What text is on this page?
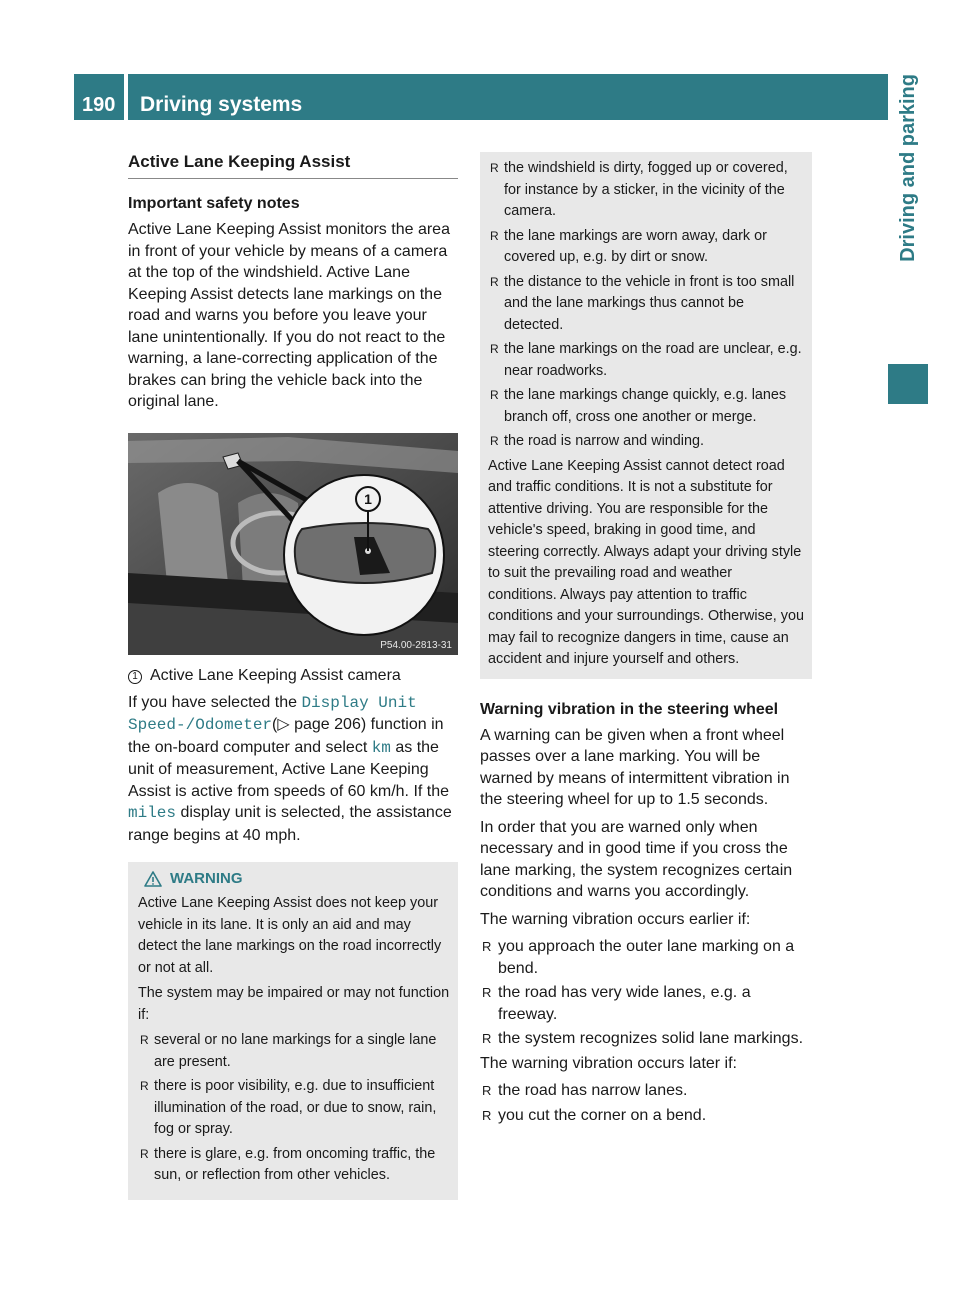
190	Driving systems	Driving and parking
Active Lane Keeping Assist
Important safety notes

Active Lane Keeping Assist monitors the area in front of your vehicle by means of a camera at the top of the windshield. Active Lane Keeping Assist detects lane markings on the road and warns you before you leave your lane unintentionally. If you do not react to the warning, a lane-correcting application of the brakes can bring the vehicle back into the original lane.

1
P54.00-2813-31

1 Active Lane Keeping Assist camera

If you have selected the Display Unit Speed-/Odometer(▷ page 206) function in the on-board computer and select km as the unit of measurement, Active Lane Keeping Assist is active from speeds of 60 km/h. If the miles display unit is selected, the assistance range begins at 40 mph.

WARNING

Active Lane Keeping Assist does not keep your vehicle in its lane. It is only an aid and may detect the lane markings on the road incorrectly or not at all.

The system may be impaired or may not function if:

R several or no lane markings for a single lane are present.
R there is poor visibility, e.g. due to insufficient illumination of the road, or due to snow, rain, fog or spray.
R there is glare, e.g. from oncoming traffic, the sun, or reflection from other vehicles.
R the windshield is dirty, fogged up or covered, for instance by a sticker, in the vicinity of the camera.
R the lane markings are worn away, dark or covered up, e.g. by dirt or snow.
R the distance to the vehicle in front is too small and the lane markings thus cannot be detected.
R the lane markings on the road are unclear, e.g. near roadworks.
R the lane markings change quickly, e.g. lanes branch off, cross one another or merge.
R the road is narrow and winding.

Active Lane Keeping Assist cannot detect road and traffic conditions. It is not a substitute for attentive driving. You are responsible for the vehicle's speed, braking in good time, and steering correctly. Always adapt your driving style to suit the prevailing road and weather conditions. Always pay attention to traffic conditions and your surroundings. Otherwise, you may fail to recognize dangers in time, cause an accident and injure yourself and others.

Warning vibration in the steering wheel

A warning can be given when a front wheel passes over a lane marking. You will be warned by means of intermittent vibration in the steering wheel for up to 1.5 seconds.

In order that you are warned only when necessary and in good time if you cross the lane marking, the system recognizes certain conditions and warns you accordingly.

The warning vibration occurs earlier if:

R you approach the outer lane marking on a bend.
R the road has very wide lanes, e.g. a freeway.
R the system recognizes solid lane markings.

The warning vibration occurs later if:

R the road has narrow lanes.
R you cut the corner on a bend.
